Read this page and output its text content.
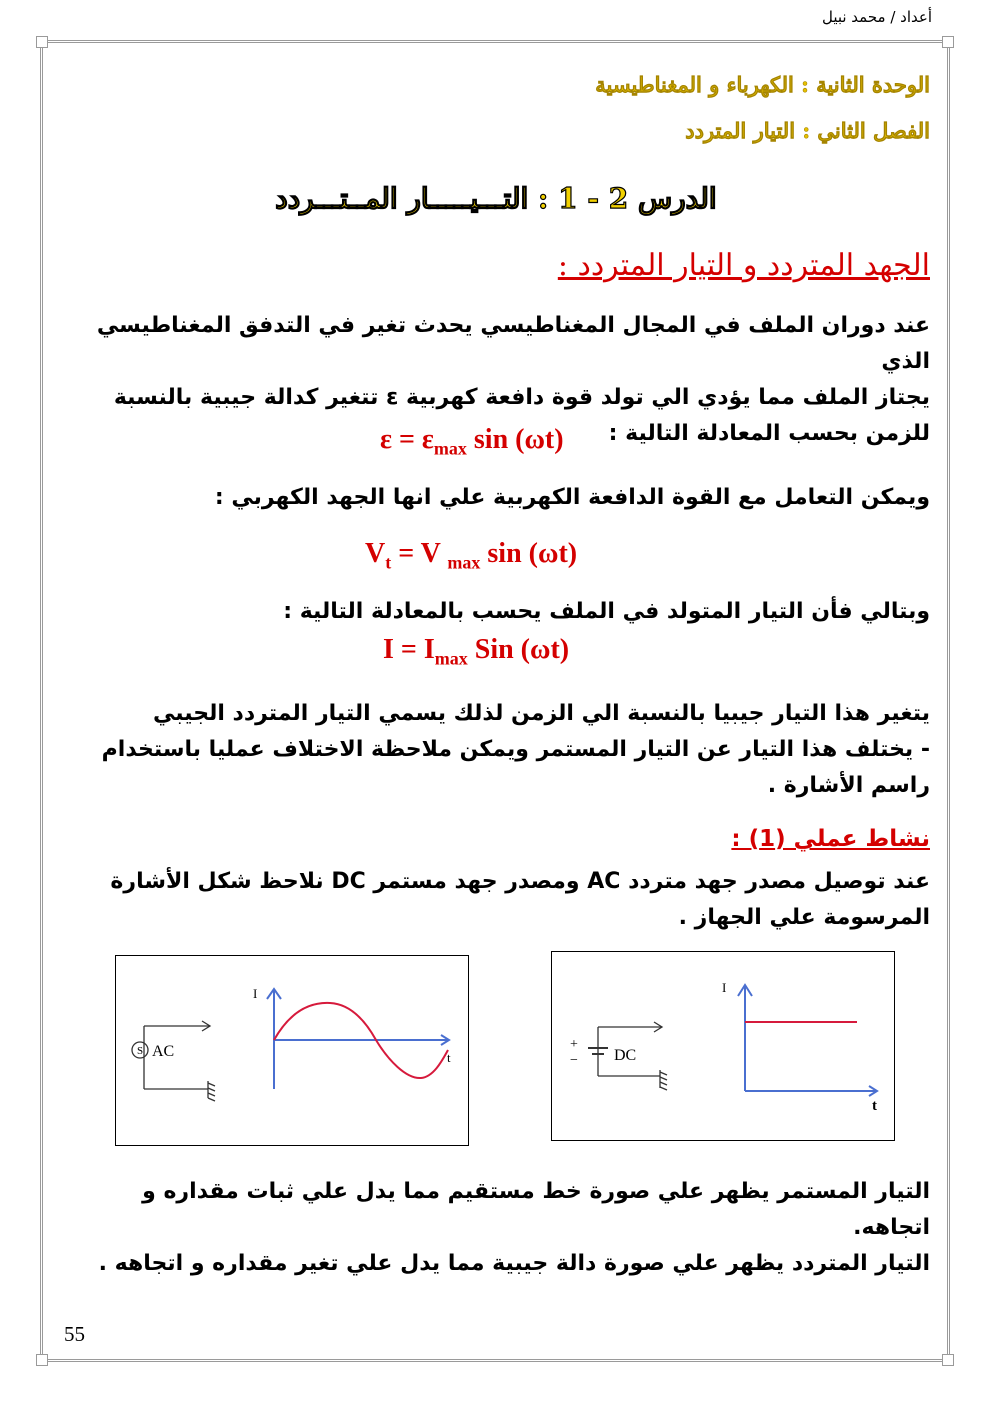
أعداد / محمد نبيل
الوحدة الثانية : الكهرباء و المغناطيسية
الفصل الثاني : التيار المتردد
الدرس 2 - 1 : التـــيـــــار المــتـــردد
الجهد المتردد و التيار المتردد :
عند دوران الملف في المجال المغناطيسي يحدث تغير في التدفق المغناطيسي الذي
يجتاز الملف مما يؤدي الي تولد قوة دافعة كهربية ε تتغير كدالة جيبية بالنسبة
للزمن بحسب المعادلة التالية :
$\varepsilon = \varepsilon_{max}$ sin (ωt)
ويمكن التعامل مع القوة الدافعة الكهربية علي انها الجهد الكهربي :
$V_t = V$ $_{max}$ sin (ωt)
وبتالي فأن التيار المتولد في الملف يحسب بالمعادلة التالية :
$I = I_{max}$ Sin (ωt)
يتغير هذا التيار جيبيا بالنسبة الي الزمن لذلك يسمي التيار المتردد الجيبي
- يختلف هذا التيار عن التيار المستمر ويمكن ملاحظة الاختلاف عمليا باستخدام
راسم الأشارة .
نشاط عملي (1) :
عند توصيل مصدر جهد متردد AC ومصدر جهد مستمر DC نلاحظ شكل الأشارة
المرسومة علي الجهاز .
S AC
I
t
+
− DC
I
t
التيار المستمر يظهر علي صورة خط مستقيم مما يدل علي ثبات مقداره و اتجاهه.
التيار المتردد يظهر علي صورة دالة جيبية مما يدل علي تغير مقداره و اتجاهه .
55
